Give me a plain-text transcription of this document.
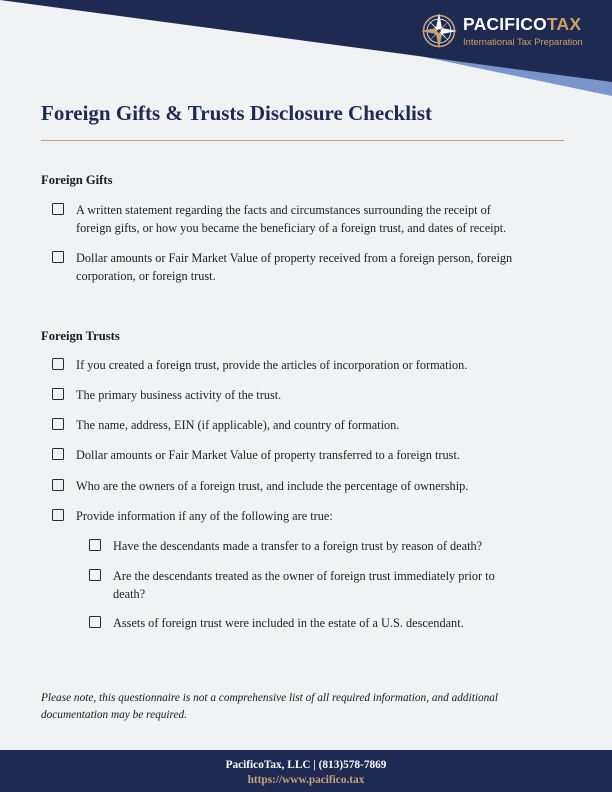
PACIFICOTAX
International Tax Preparation
Foreign Gifts & Trusts Disclosure Checklist
Foreign Gifts
A written statement regarding the facts and circumstances surrounding the receipt of
foreign gifts, or how you became the beneficiary of a foreign trust, and dates of receipt.
Dollar amounts or Fair Market Value of property received from a foreign person, foreign
corporation, or foreign trust.
Foreign Trusts
If you created a foreign trust, provide the articles of incorporation or formation.
The primary business activity of the trust.
The name, address, EIN (if applicable), and country of formation.
Dollar amounts or Fair Market Value of property transferred to a foreign trust.
Who are the owners of a foreign trust, and include the percentage of ownership.
Provide information if any of the following are true:
Have the descendants made a transfer to a foreign trust by reason of death?
Are the descendants treated as the owner of foreign trust immediately prior to
death?
Assets of foreign trust were included in the estate of a U.S. descendant.

Please note, this questionnaire is not a comprehensive list of all required information, and additional
documentation may be required.

PacificoTax, LLC | (813)578-7869
https://www.pacifico.tax
